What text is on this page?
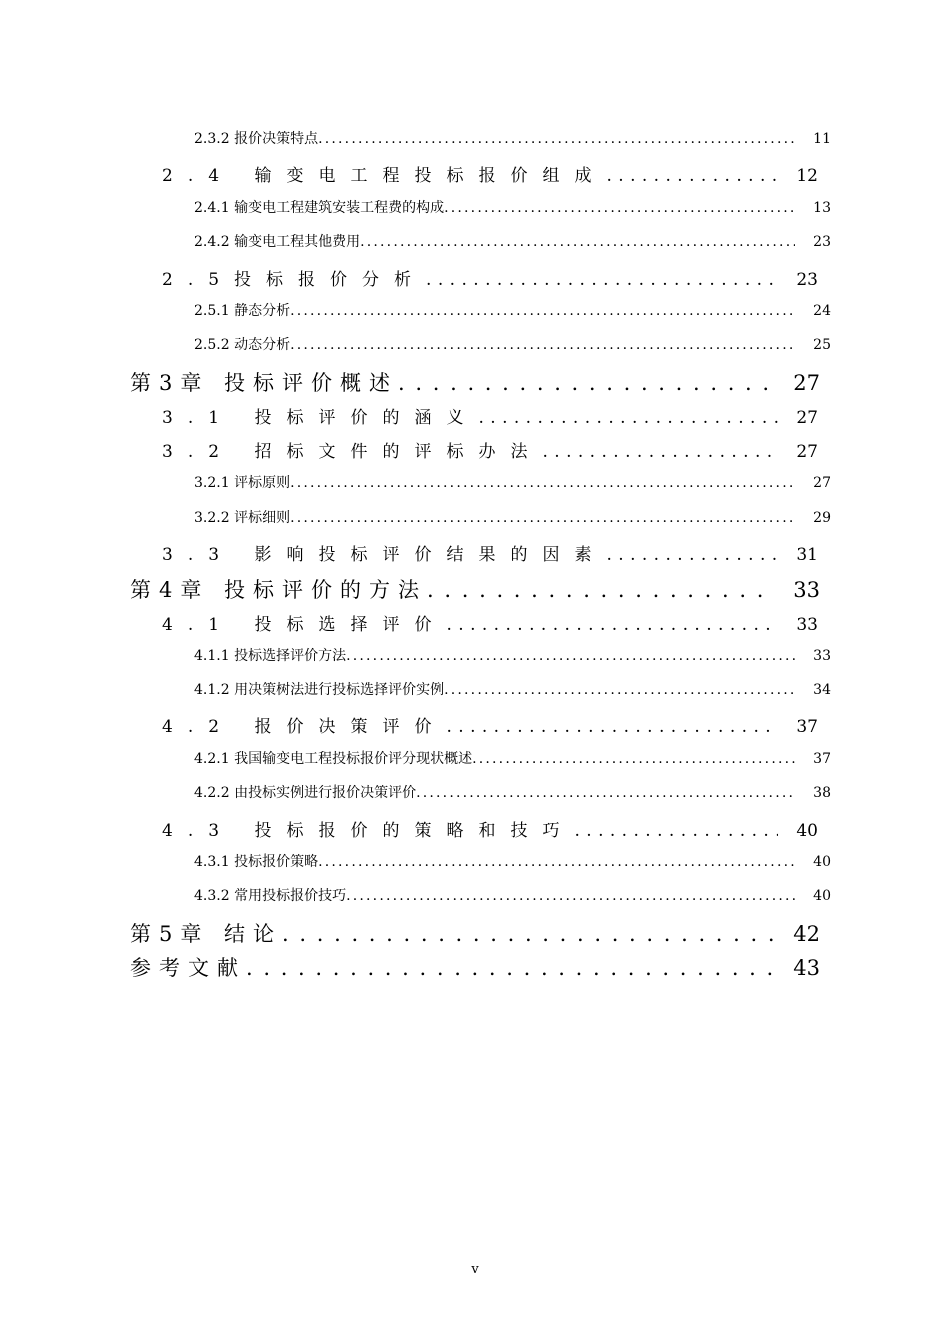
2.3.2 报价决策特点 .....	11
2.4 输变电工程投标报价组成 . . .	12
2.4.1 输变电工程建筑安装工程费的构成 .....	13
2.4.2 输变电工程其他费用 .....	23
2.5投标报价分析 . . .	23
2.5.1 静态分析 .....	24
2.5.2 动态分析 .....	25
第3章 投标评价概述 . . .	27
3.1 投标评价的涵义 . . .	27
3.2 招标文件的评标办法 . . .	27
3.2.1 评标原则 .....	27
3.2.2 评标细则 .....	29
3.3 影响投标评价结果的因素 . . .	31
第4章 投标评价的方法 . . .	33
4.1 投标选择评价 . . .	33
4.1.1 投标选择评价方法 .....	33
4.1.2 用决策树法进行投标选择评价实例 .....	34
4.2 报价决策评价 . . .	37
4.2.1 我国输变电工程投标报价评分现状概述 .....	37
4.2.2 由投标实例进行报价决策评价 .....	38
4.3 投标报价的策略和技巧 . . .	40
4.3.1 投标报价策略 .....	40
4.3.2 常用投标报价技巧 .....	40
第5章 结论 . . .	42
参考文献 . . .	43
v
